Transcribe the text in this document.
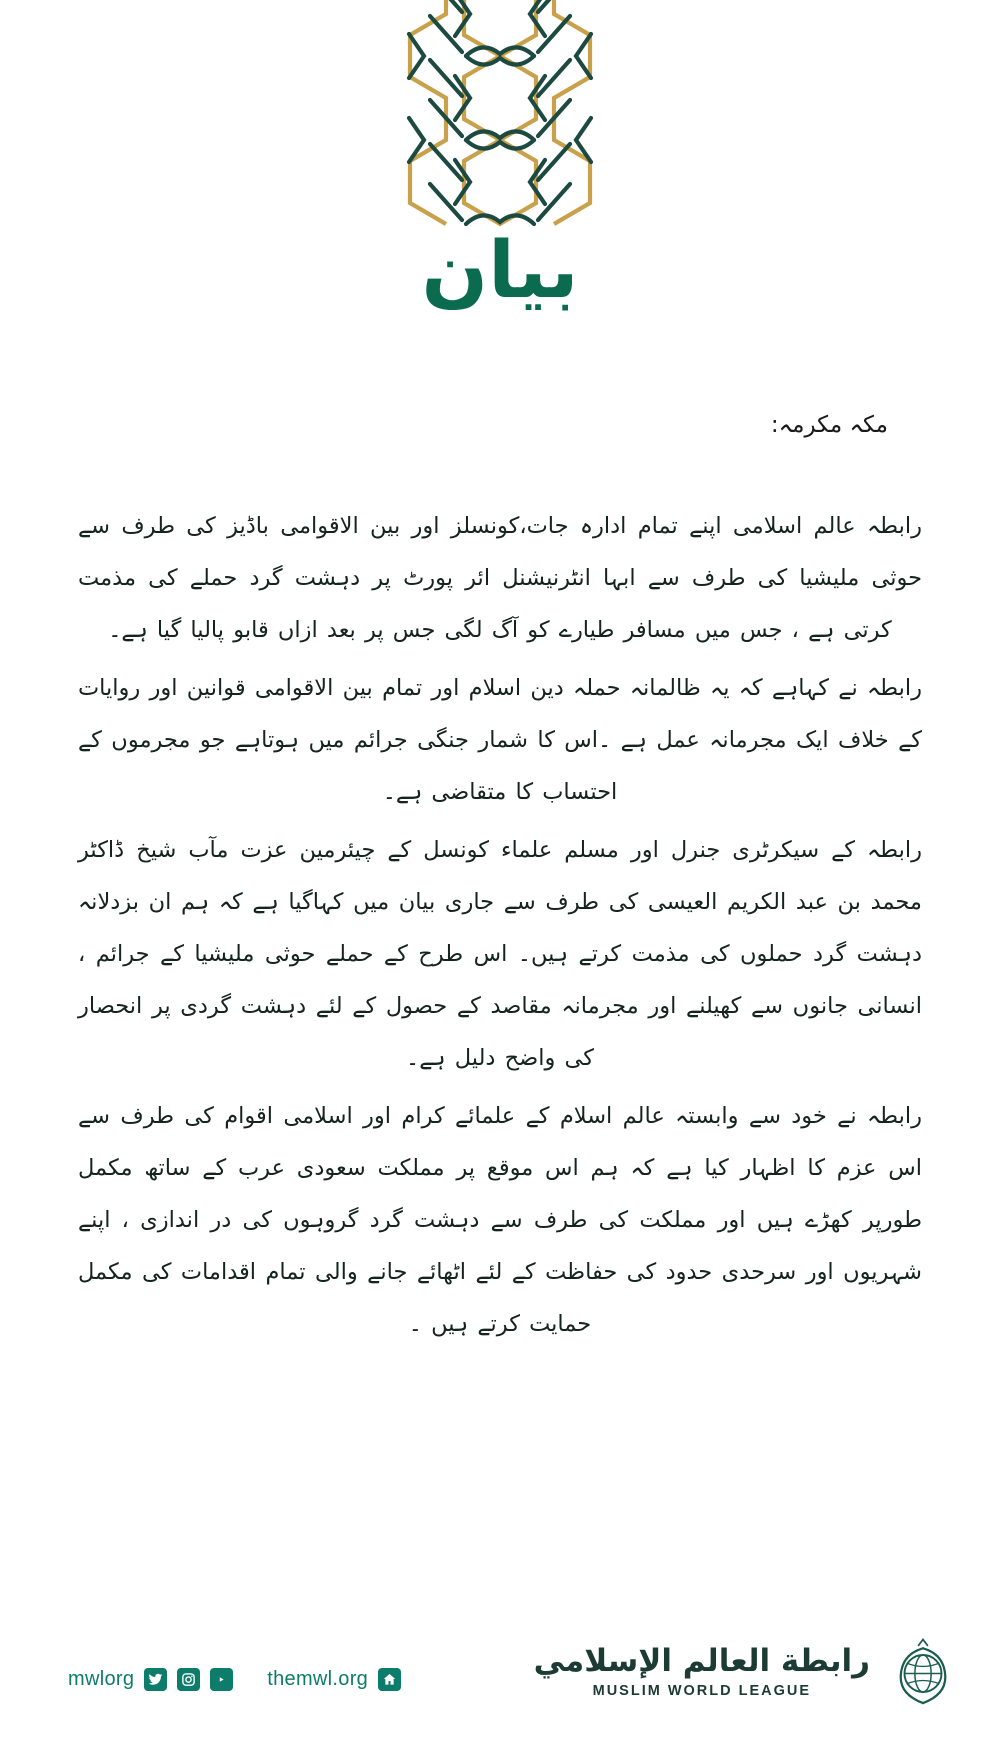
بیان
مکہ مکرمہ:

رابطہ عالم اسلامی اپنے تمام ادارہ جات،کونسلز اور بین الاقوامی باڈیز کی طرف سے حوثی ملیشیا کی طرف سے ابہا انٹرنیشنل ائر پورٹ پر دہشت گرد حملے کی مذمت کرتی ہے ، جس میں مسافر طیارے کو آگ لگی جس پر بعد ازاں قابو پالیا گیا ہے۔

رابطہ نے کہاہے کہ یہ ظالمانہ حملہ دین اسلام اور تمام بین الاقوامی قوانین اور روایات کے خلاف ایک مجرمانہ عمل ہے ۔اس کا شمار جنگی جرائم میں ہوتاہے جو مجرموں کے احتساب کا متقاضی ہے۔

رابطہ کے سیکرٹری جنرل اور مسلم علماء کونسل کے چیئرمین عزت مآب شیخ ڈاکٹر محمد بن عبد الکریم العیسی کی طرف سے جاری بیان میں کہاگیا ہے کہ ہم ان بزدلانہ دہشت گرد حملوں کی مذمت کرتے ہیں۔ اس طرح کے حملے حوثی ملیشیا کے جرائم ، انسانی جانوں سے کھیلنے اور مجرمانہ مقاصد کے حصول کے لئے دہشت گردی پر انحصار کی واضح دلیل ہے۔

رابطہ نے خود سے وابستہ عالم اسلام کے علمائے کرام اور اسلامی اقوام کی طرف سے اس عزم کا اظہار کیا ہے کہ ہم اس موقع پر مملکت سعودی عرب کے ساتھ مکمل طورپر کھڑے ہیں اور مملکت کی طرف سے دہشت گرد گروہوں کی در اندازی ، اپنے شہریوں اور سرحدی حدود کی حفاظت کے لئے اٹھائے جانے والی تمام اقدامات کی مکمل حمایت کرتے ہیں ۔

mwlorg	themwl.org
رابطة العالم الإسلامي
MUSLIM WORLD LEAGUE
